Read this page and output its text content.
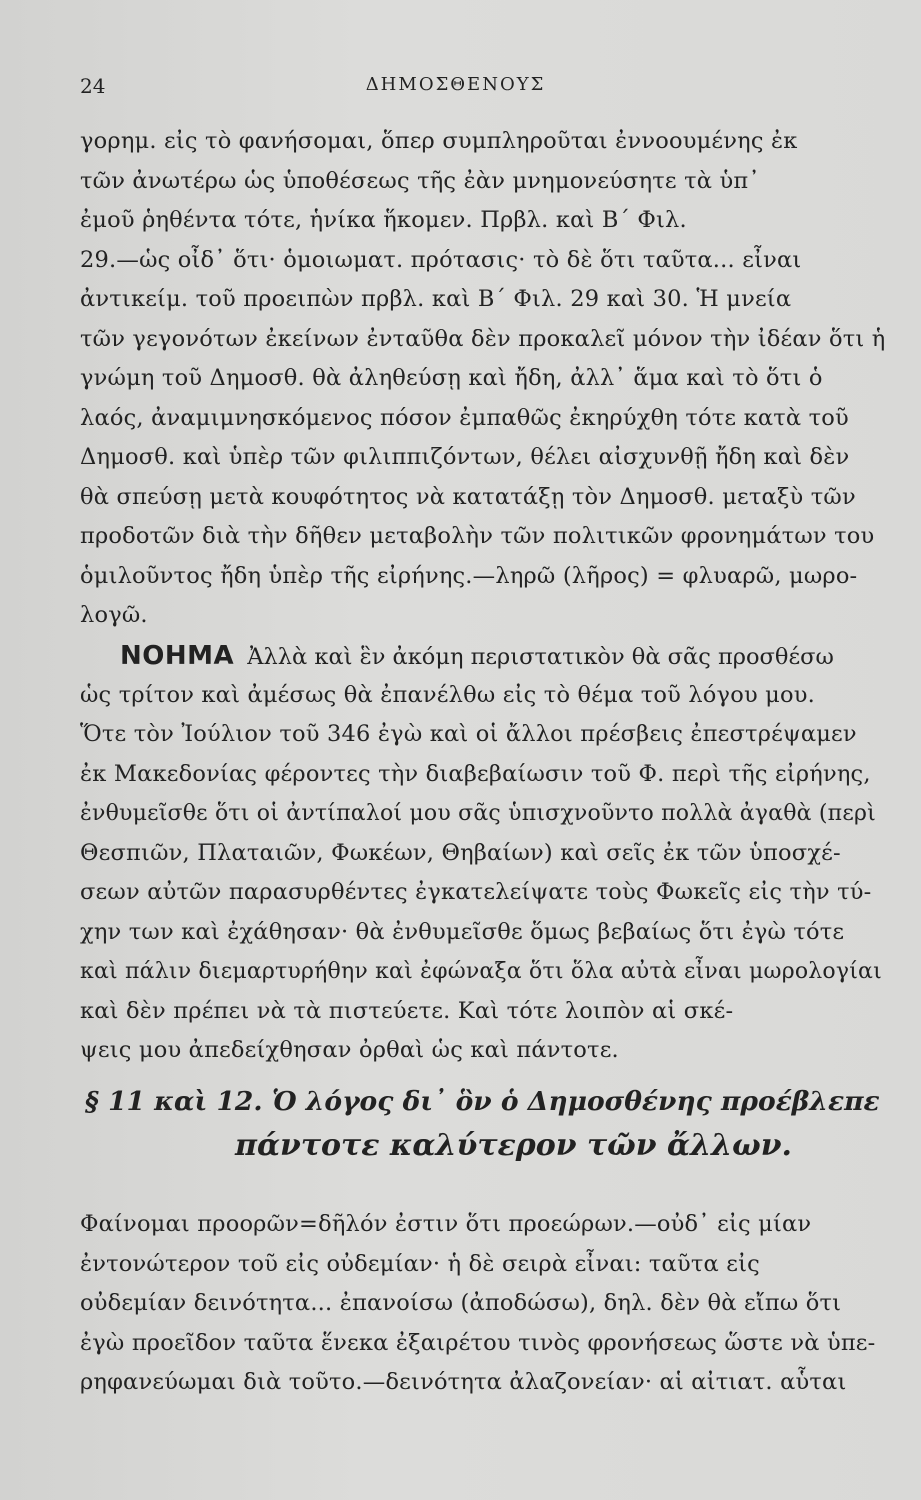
24	ΔΗΜΟΣΘΕΝΟΥΣ
γορημ. εἰς τὸ φανήσομαι, ὅπερ συμπληροῦται ἐννοουμένης ἐκ
τῶν ἀνωτέρω ὡς ὑποθέσεως τῆς ἐὰν μνημονεύσητε τὰ ὑπ᾽
ἐμοῦ ῥηθέντα τότε, ἡνίκα ἥκομεν. Πρβλ. καὶ Β΄ Φιλ.
29.—ὡς οἶδ᾽ ὅτι· ὁμοιωματ. πρότασις· τὸ δὲ ὅτι ταῦτα... εἶναι
ἀντικείμ. τοῦ προειπὼν πρβλ. καὶ Β΄ Φιλ. 29 καὶ 30. Ἡ μνεία
τῶν γεγονότων ἐκείνων ἐνταῦθα δὲν προκαλεῖ μόνον τὴν ἰδέαν ὅτι ἡ
γνώμη τοῦ Δημοσθ. θὰ ἀληθεύσῃ καὶ ἤδη, ἀλλ᾽ ἅμα καὶ τὸ ὅτι ὁ
λαός, ἀναμιμνησκόμενος πόσον ἐμπαθῶς ἐκηρύχθη τότε κατὰ τοῦ
Δημοσθ. καὶ ὑπὲρ τῶν φιλιππιζόντων, θέλει αἰσχυνθῇ ἤδη καὶ δὲν
θὰ σπεύσῃ μετὰ κουφότητος νὰ κατατάξῃ τὸν Δημοσθ. μεταξὺ τῶν
προδοτῶν διὰ τὴν δῆθεν μεταβολὴν τῶν πολιτικῶν φρονημάτων του
ὁμιλοῦντος ἤδη ὑπὲρ τῆς εἰρήνης.—ληρῶ (λῆρος) = φλυαρῶ, μωρο-
λογῶ.
ΝΟΗΜΑ Ἀλλὰ καὶ ἓν ἀκόμη περιστατικὸν θὰ σᾶς προσθέσω
ὡς τρίτον καὶ ἀμέσως θὰ ἐπανέλθω εἰς τὸ θέμα τοῦ λόγου μου.
Ὅτε τὸν Ἰούλιον τοῦ 346 ἐγὼ καὶ οἱ ἄλλοι πρέσβεις ἐπεστρέψαμεν
ἐκ Μακεδονίας φέροντες τὴν διαβεβαίωσιν τοῦ Φ. περὶ τῆς εἰρήνης,
ἐνθυμεῖσθε ὅτι οἱ ἀντίπαλοί μου σᾶς ὑπισχνοῦντο πολλὰ ἀγαθὰ (περὶ
Θεσπιῶν, Πλαταιῶν, Φωκέων, Θηβαίων) καὶ σεῖς ἐκ τῶν ὑποσχέ-
σεων αὐτῶν παρασυρθέντες ἐγκατελείψατε τοὺς Φωκεῖς εἰς τὴν τύ-
χην των καὶ ἐχάθησαν· θὰ ἐνθυμεῖσθε ὅμως βεβαίως ὅτι ἐγὼ τότε
καὶ πάλιν διεμαρτυρήθην καὶ ἐφώναξα ὅτι ὅλα αὐτὰ εἶναι μωρολογίαι
καὶ δὲν πρέπει νὰ τὰ πιστεύετε. Καὶ τότε λοιπὸν αἱ σκέ-
ψεις μου ἀπεδείχθησαν ὀρθαὶ ὡς καὶ πάντοτε.
§ 11 καὶ 12. Ὁ λόγος δι᾽ ὃν ὁ Δημοσθένης προέβλεπε
πάντοτε καλύτερον τῶν ἄλλων.
Φαίνομαι προορῶν=δῆλόν ἐστιν ὅτι προεώρων.—οὐδ᾽ εἰς μίαν
ἐντονώτερον τοῦ εἰς οὐδεμίαν· ἡ δὲ σειρὰ εἶναι: ταῦτα εἰς
οὐδεμίαν δεινότητα... ἐπανοίσω (ἀποδώσω), δηλ. δὲν θὰ εἴπω ὅτι
ἐγὼ προεῖδον ταῦτα ἕνεκα ἐξαιρέτου τινὸς φρονήσεως ὥστε νὰ ὑπε-
ρηφανεύωμαι διὰ τοῦτο.—δεινότητα ἀλαζονείαν· αἱ αἰτιατ. αὗται
